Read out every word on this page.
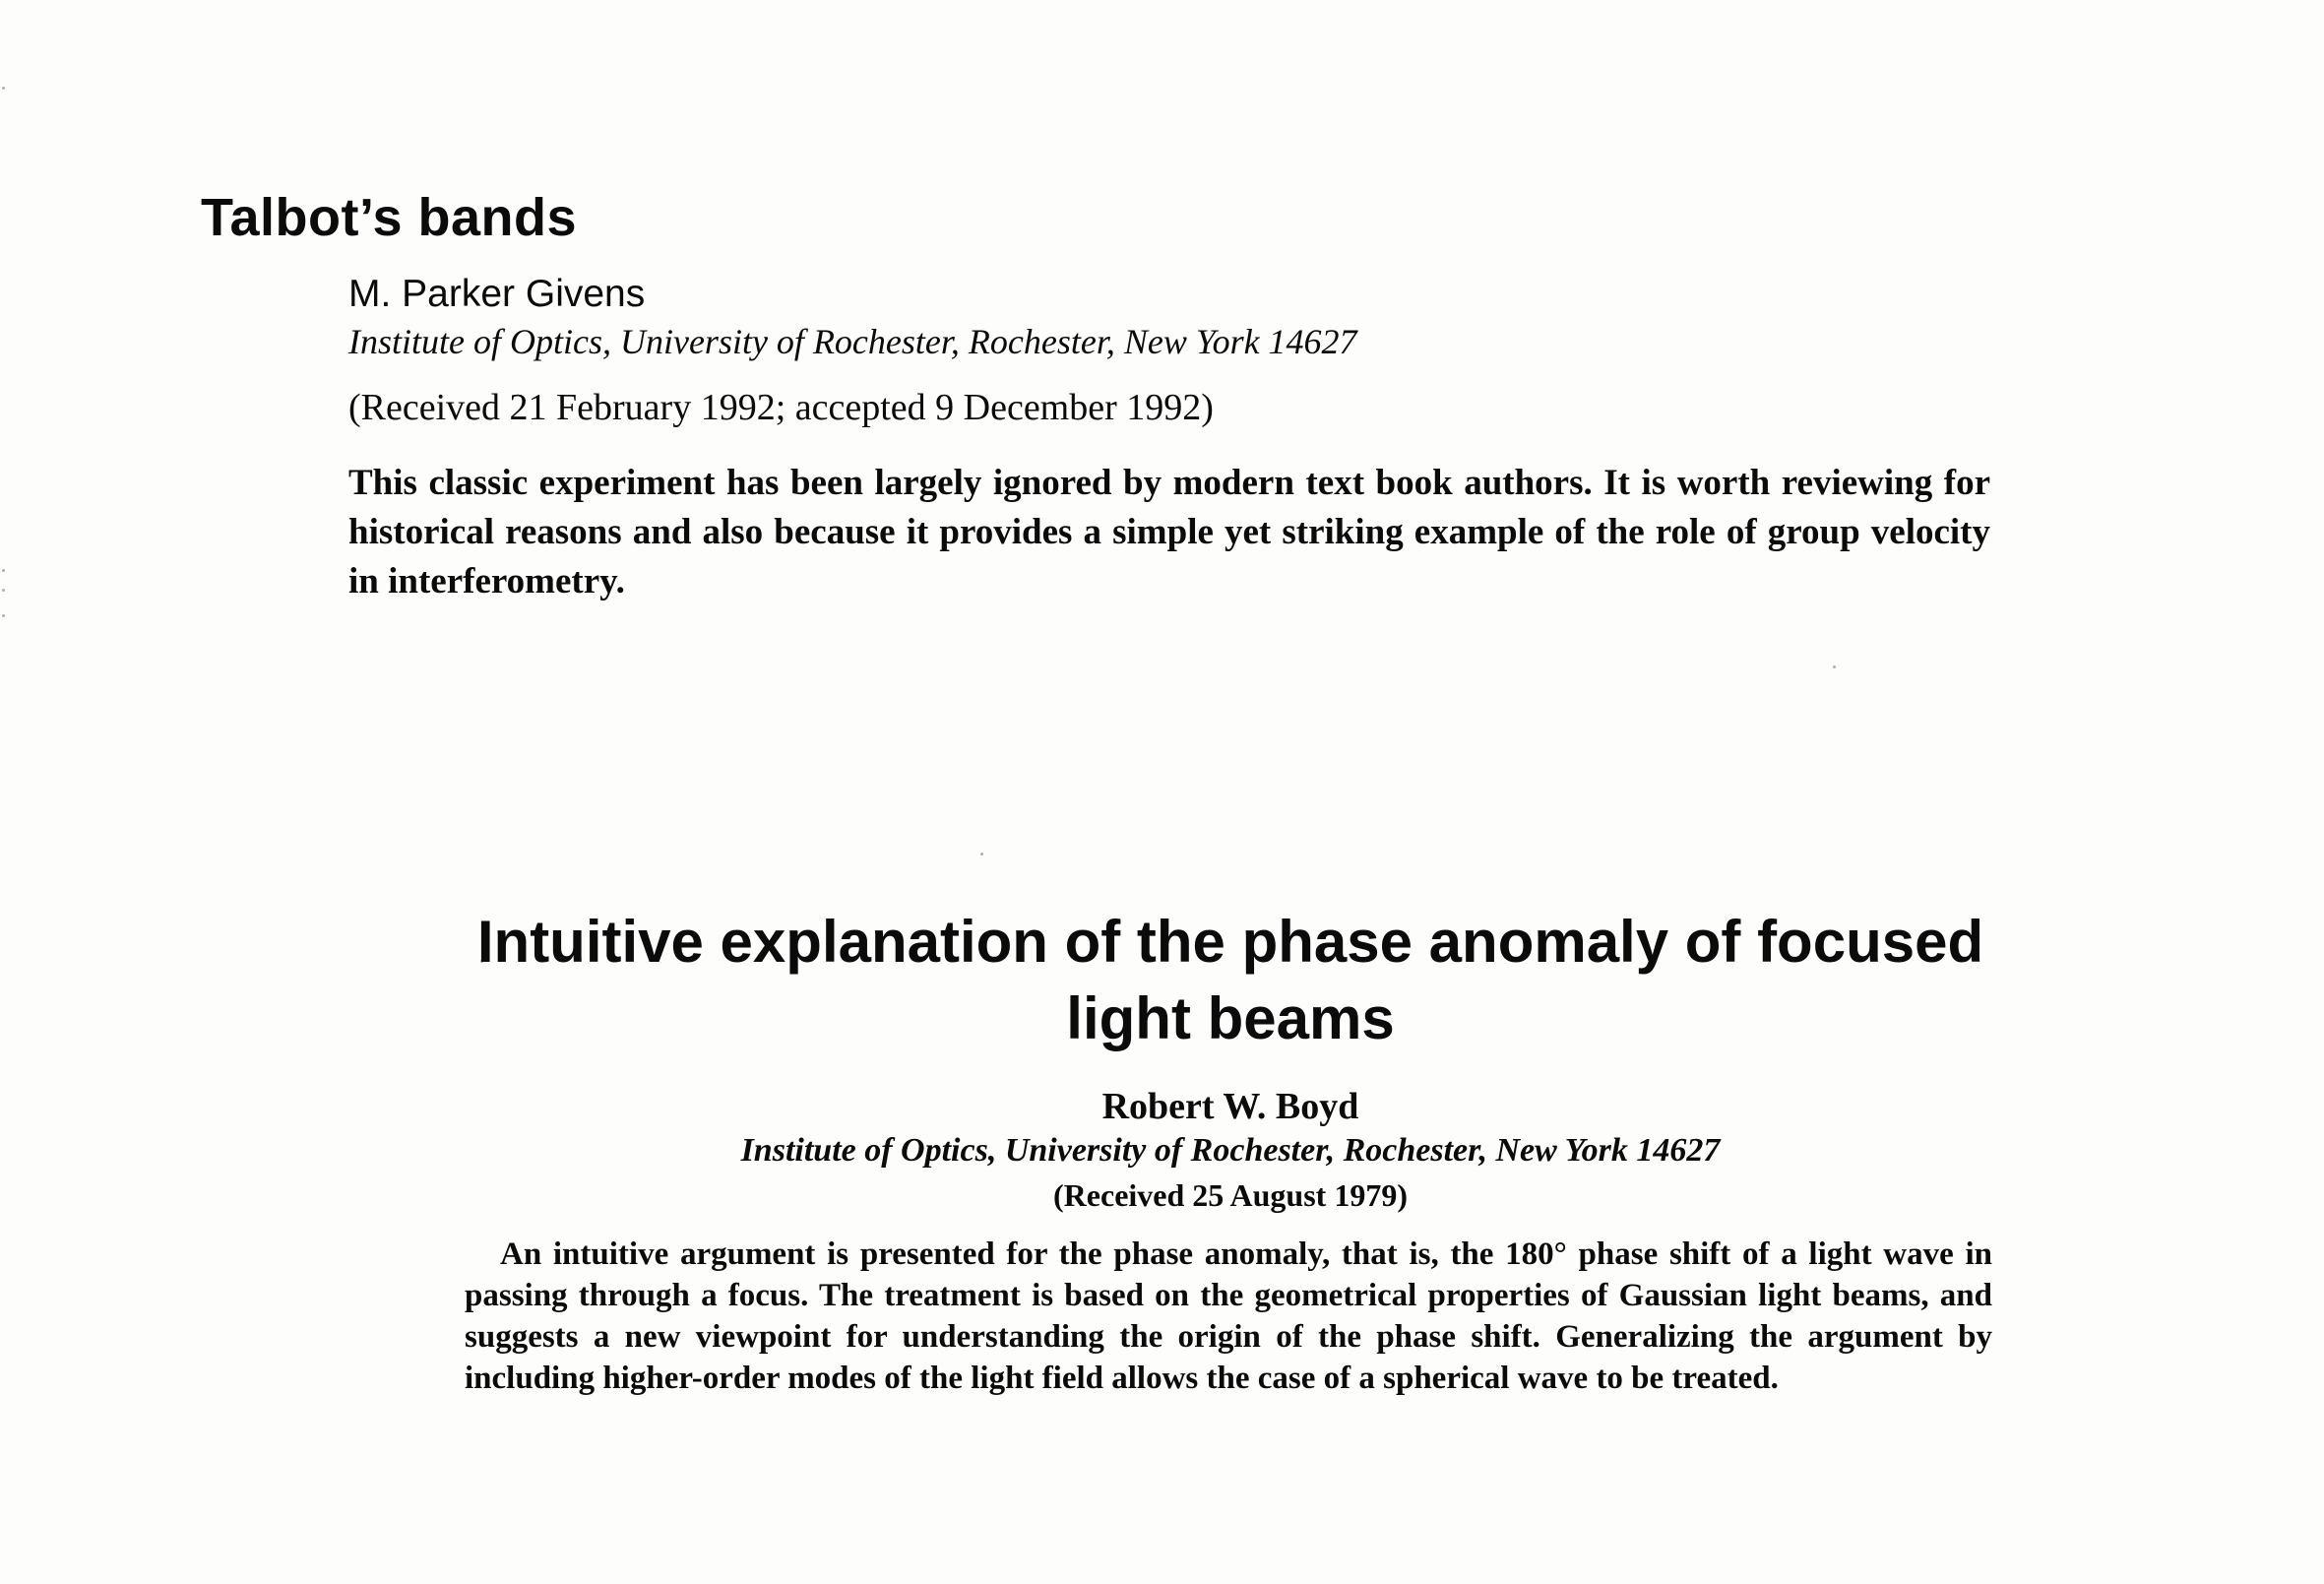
Talbot’s bands
M. Parker Givens
Institute of Optics, University of Rochester, Rochester, New York 14627
(Received 21 February 1992; accepted 9 December 1992)
This classic experiment has been largely ignored by modern text book authors. It is worth reviewing for historical reasons and also because it provides a simple yet striking example of the role of group velocity in interferometry.
Intuitive explanation of the phase anomaly of focused light beams
Robert W. Boyd
Institute of Optics, University of Rochester, Rochester, New York 14627
(Received 25 August 1979)
An intuitive argument is presented for the phase anomaly, that is, the 180° phase shift of a light wave in passing through a focus. The treatment is based on the geometrical properties of Gaussian light beams, and suggests a new viewpoint for understanding the origin of the phase shift. Generalizing the argument by including higher-order modes of the light field allows the case of a spherical wave to be treated.
